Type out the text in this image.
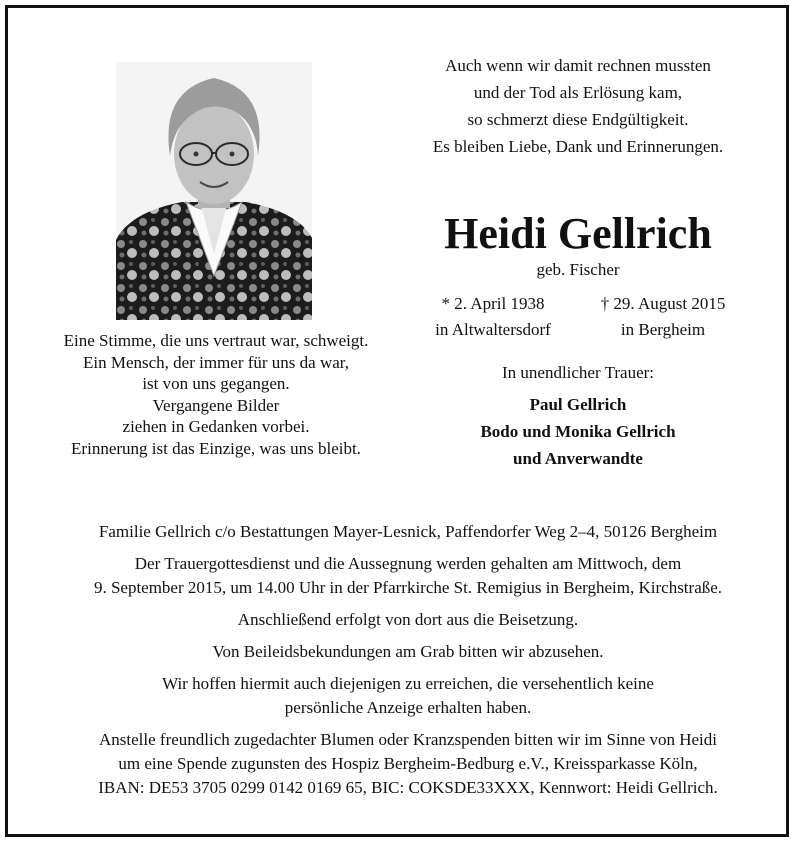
Auch wenn wir damit rechnen mussten
und der Tod als Erlösung kam,
so schmerzt diese Endgültigkeit.
Es bleiben Liebe, Dank und Erinnerungen.
Heidi Gellrich
geb. Fischer
* 2. April 1938
in Altwaltersdorf
† 29. August 2015
in Bergheim
Eine Stimme, die uns vertraut war, schweigt.
Ein Mensch, der immer für uns da war,
ist von uns gegangen.
Vergangene Bilder
ziehen in Gedanken vorbei.
Erinnerung ist das Einzige, was uns bleibt.
In unendlicher Trauer:
Paul Gellrich
Bodo und Monika Gellrich
und Anverwandte

Familie Gellrich c/o Bestattungen Mayer-Lesnick, Paffendorfer Weg 2–4, 50126 Bergheim

Der Trauergottesdienst und die Aussegnung werden gehalten am Mittwoch, dem

9. September 2015, um 14.00 Uhr in der Pfarrkirche St. Remigius in Bergheim, Kirchstraße.

Anschließend erfolgt von dort aus die Beisetzung.

Von Beileidsbekundungen am Grab bitten wir abzusehen.

Wir hoffen hiermit auch diejenigen zu erreichen, die versehentlich keine

persönliche Anzeige erhalten haben.

Anstelle freundlich zugedachter Blumen oder Kranzspenden bitten wir im Sinne von Heidi

um eine Spende zugunsten des Hospiz Bergheim-Bedburg e.V., Kreissparkasse Köln,

IBAN: DE53 3705 0299 0142 0169 65, BIC: COKSDE33XXX, Kennwort: Heidi Gellrich.
